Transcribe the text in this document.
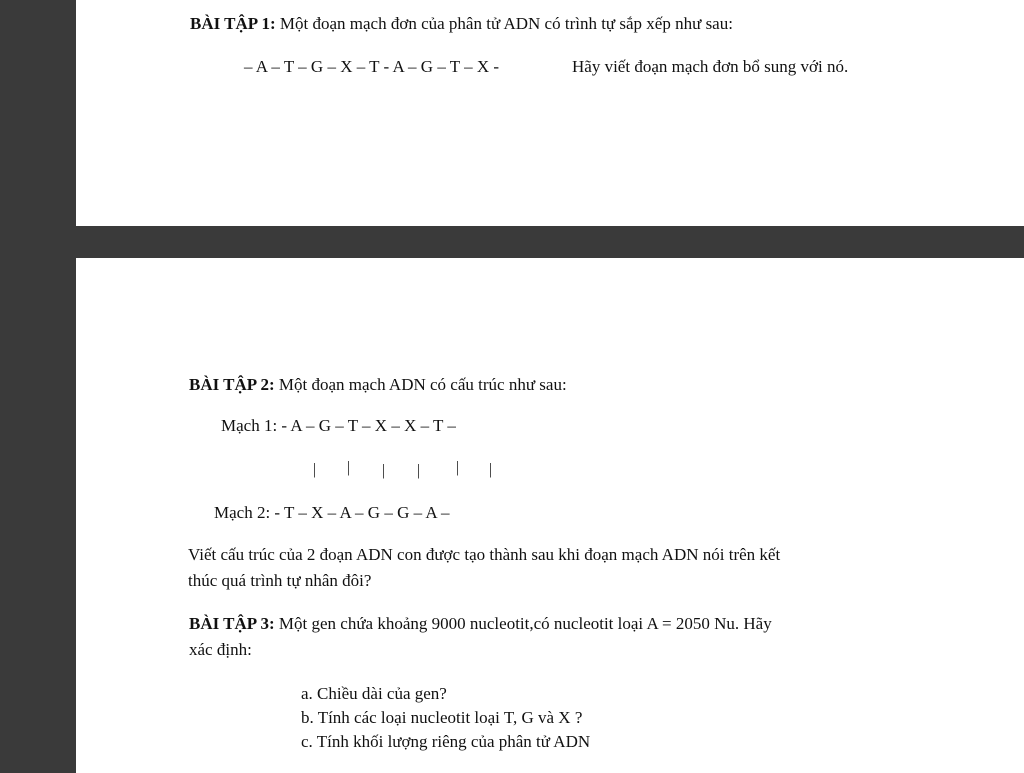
BÀI TẬP 1: Một đoạn mạch đơn của phân tử ADN có trình tự sắp xếp như sau:
– A – T – G – X – T - A – G – T – X -	Hãy viết đoạn mạch đơn bổ sung với nó.
BÀI TẬP 2: Một đoạn mạch ADN có cấu trúc như sau:
Mạch 1: - A – G – T – X – X – T –
| | | | | |
Mạch 2: - T – X – A – G – G – A –
Viết cấu trúc của 2 đoạn ADN con được tạo thành sau khi đoạn mạch ADN nói trên kết
thúc quá trình tự nhân đôi?
BÀI TẬP 3: Một gen chứa khoảng 9000 nucleotit,có nucleotit loại A = 2050 Nu. Hãy
xác định:
a. Chiều dài của gen?
b. Tính các loại nucleotit loại T, G và X ?
c. Tính khối lượng riêng của phân tử ADN
